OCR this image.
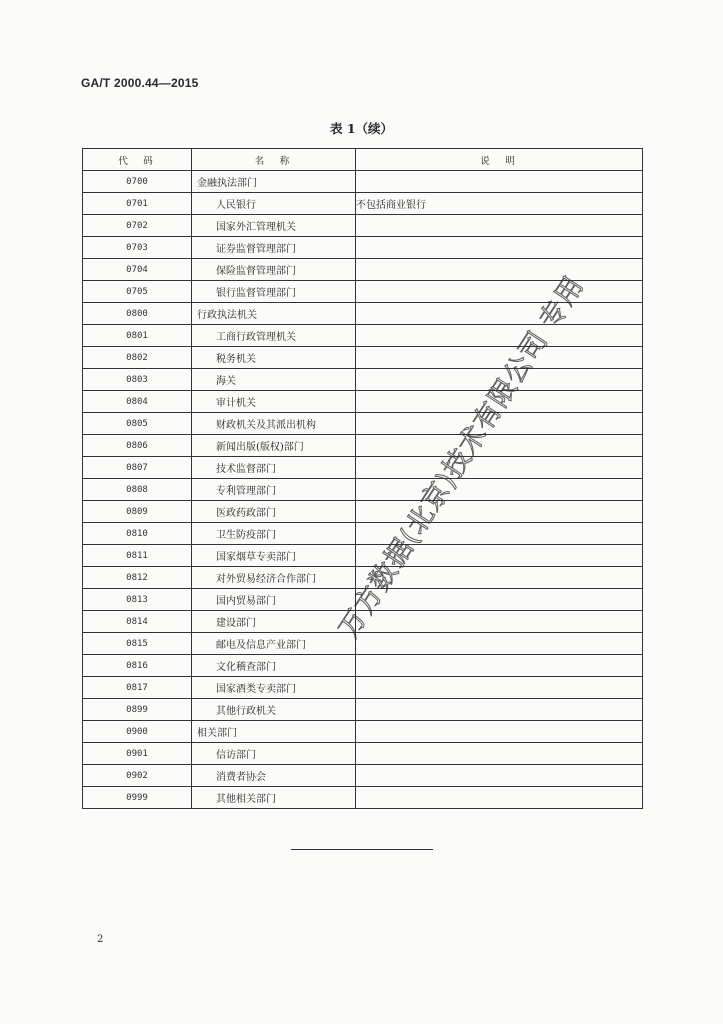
GA/T 2000.44—2015
表 1（续）
代　码	名　称	说　明
0700	金融执法部门	
0701	人民银行	不包括商业银行
0702	国家外汇管理机关	
0703	证券监督管理部门	
0704	保险监督管理部门	
0705	银行监督管理部门	
0800	行政执法机关	
0801	工商行政管理机关	
0802	税务机关	
0803	海关	
0804	审计机关	
0805	财政机关及其派出机构	
0806	新闻出版(版权)部门	
0807	技术监督部门	
0808	专利管理部门	
0809	医政药政部门	
0810	卫生防疫部门	
0811	国家烟草专卖部门	
0812	对外贸易经济合作部门	
0813	国内贸易部门	
0814	建设部门	
0815	邮电及信息产业部门	
0816	文化稽查部门	
0817	国家酒类专卖部门	
0899	其他行政机关	
0900	相关部门	
0901	信访部门	
0902	消费者协会	
0999	其他相关部门	
2
万方数据(北京)技术有限公司 专用
